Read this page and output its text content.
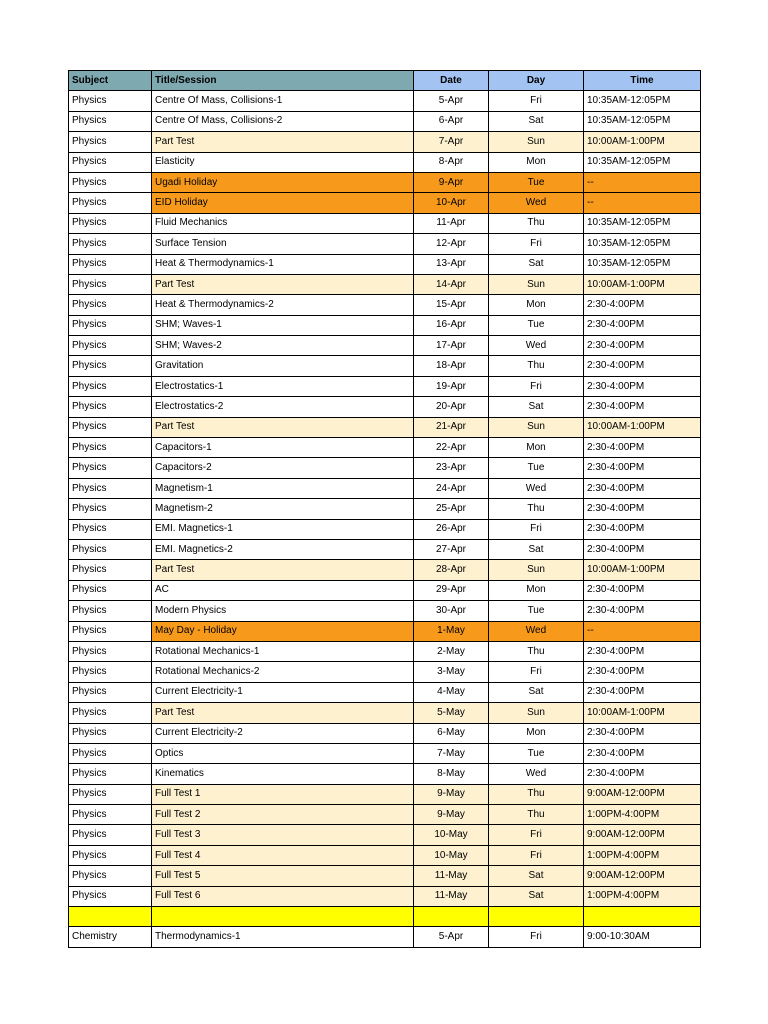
Subject	Title/Session	Date	Day	Time
Physics	Centre Of Mass, Collisions-1	5-Apr	Fri	10:35AM-12:05PM
Physics	Centre Of Mass, Collisions-2	6-Apr	Sat	10:35AM-12:05PM
Physics	Part Test	7-Apr	Sun	10:00AM-1:00PM
Physics	Elasticity	8-Apr	Mon	10:35AM-12:05PM
Physics	Ugadi Holiday	9-Apr	Tue	--
Physics	EID Holiday	10-Apr	Wed	--
Physics	Fluid Mechanics	11-Apr	Thu	10:35AM-12:05PM
Physics	Surface Tension	12-Apr	Fri	10:35AM-12:05PM
Physics	Heat & Thermodynamics-1	13-Apr	Sat	10:35AM-12:05PM
Physics	Part Test	14-Apr	Sun	10:00AM-1:00PM
Physics	Heat & Thermodynamics-2	15-Apr	Mon	2:30-4:00PM
Physics	SHM; Waves-1	16-Apr	Tue	2:30-4:00PM
Physics	SHM; Waves-2	17-Apr	Wed	2:30-4:00PM
Physics	Gravitation	18-Apr	Thu	2:30-4:00PM
Physics	Electrostatics-1	19-Apr	Fri	2:30-4:00PM
Physics	Electrostatics-2	20-Apr	Sat	2:30-4:00PM
Physics	Part Test	21-Apr	Sun	10:00AM-1:00PM
Physics	Capacitors-1	22-Apr	Mon	2:30-4:00PM
Physics	Capacitors-2	23-Apr	Tue	2:30-4:00PM
Physics	Magnetism-1	24-Apr	Wed	2:30-4:00PM
Physics	Magnetism-2	25-Apr	Thu	2:30-4:00PM
Physics	EMI. Magnetics-1	26-Apr	Fri	2:30-4:00PM
Physics	EMI. Magnetics-2	27-Apr	Sat	2:30-4:00PM
Physics	Part Test	28-Apr	Sun	10:00AM-1:00PM
Physics	AC	29-Apr	Mon	2:30-4:00PM
Physics	Modern Physics	30-Apr	Tue	2:30-4:00PM
Physics	May Day - Holiday	1-May	Wed	--
Physics	Rotational Mechanics-1	2-May	Thu	2:30-4:00PM
Physics	Rotational Mechanics-2	3-May	Fri	2:30-4:00PM
Physics	Current Electricity-1	4-May	Sat	2:30-4:00PM
Physics	Part Test	5-May	Sun	10:00AM-1:00PM
Physics	Current Electricity-2	6-May	Mon	2:30-4:00PM
Physics	Optics	7-May	Tue	2:30-4:00PM
Physics	Kinematics	8-May	Wed	2:30-4:00PM
Physics	Full Test 1	9-May	Thu	9:00AM-12:00PM
Physics	Full Test 2	9-May	Thu	1:00PM-4:00PM
Physics	Full Test 3	10-May	Fri	9:00AM-12:00PM
Physics	Full Test 4	10-May	Fri	1:00PM-4:00PM
Physics	Full Test 5	11-May	Sat	9:00AM-12:00PM
Physics	Full Test 6	11-May	Sat	1:00PM-4:00PM

Chemistry	Thermodynamics-1	5-Apr	Fri	9:00-10:30AM
